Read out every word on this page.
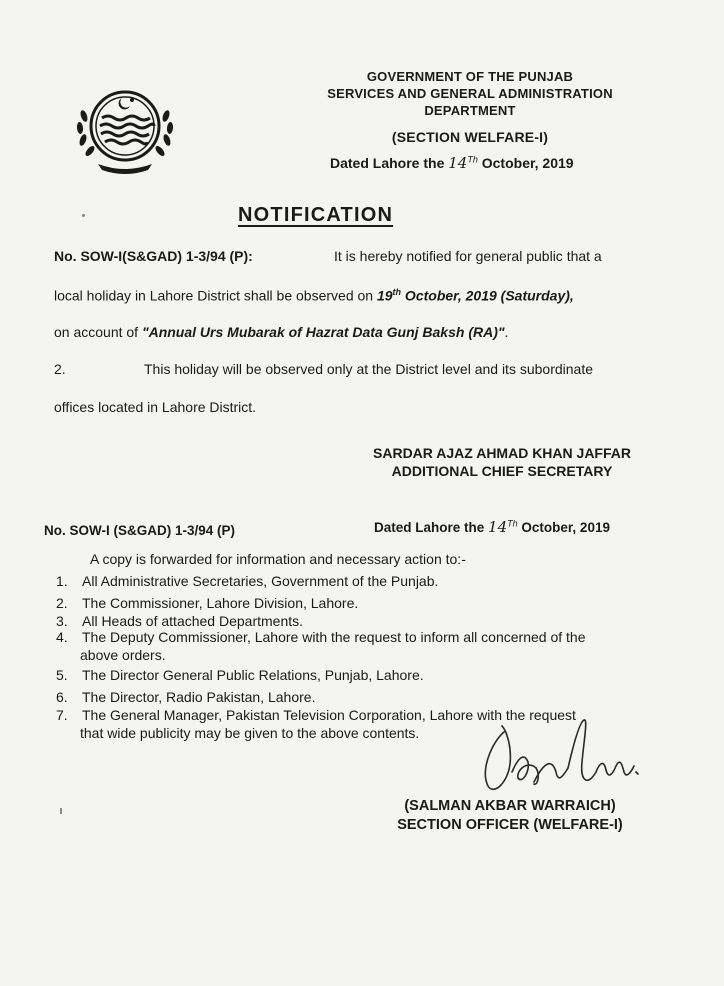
GOVERNMENT OF THE PUNJAB
SERVICES AND GENERAL ADMINISTRATION
DEPARTMENT
(SECTION WELFARE-I)
Dated Lahore the 14Th October, 2019
NOTIFICATION
No. SOW-I(S&GAD) 1-3/94 (P):	It is hereby notified for general public that a
local holiday in Lahore District shall be observed on 19th October, 2019 (Saturday),
on account of "Annual Urs Mubarak of Hazrat Data Gunj Baksh (RA)".
2.	This holiday will be observed only at the District level and its subordinate
offices located in Lahore District.
SARDAR AJAZ AHMAD KHAN JAFFAR
ADDITIONAL CHIEF SECRETARY
No. SOW-I (S&GAD) 1-3/94 (P)	Dated Lahore the 14Th October, 2019
A copy is forwarded for information and necessary action to:-
1. All Administrative Secretaries, Government of the Punjab.
2. The Commissioner, Lahore Division, Lahore.
3. All Heads of attached Departments.
4. The Deputy Commissioner, Lahore with the request to inform all concerned of the
above orders.
5. The Director General Public Relations, Punjab, Lahore.
6. The Director, Radio Pakistan, Lahore.
7. The General Manager, Pakistan Television Corporation, Lahore with the request
that wide publicity may be given to the above contents.
(SALMAN AKBAR WARRAICH)
SECTION OFFICER (WELFARE-I)
